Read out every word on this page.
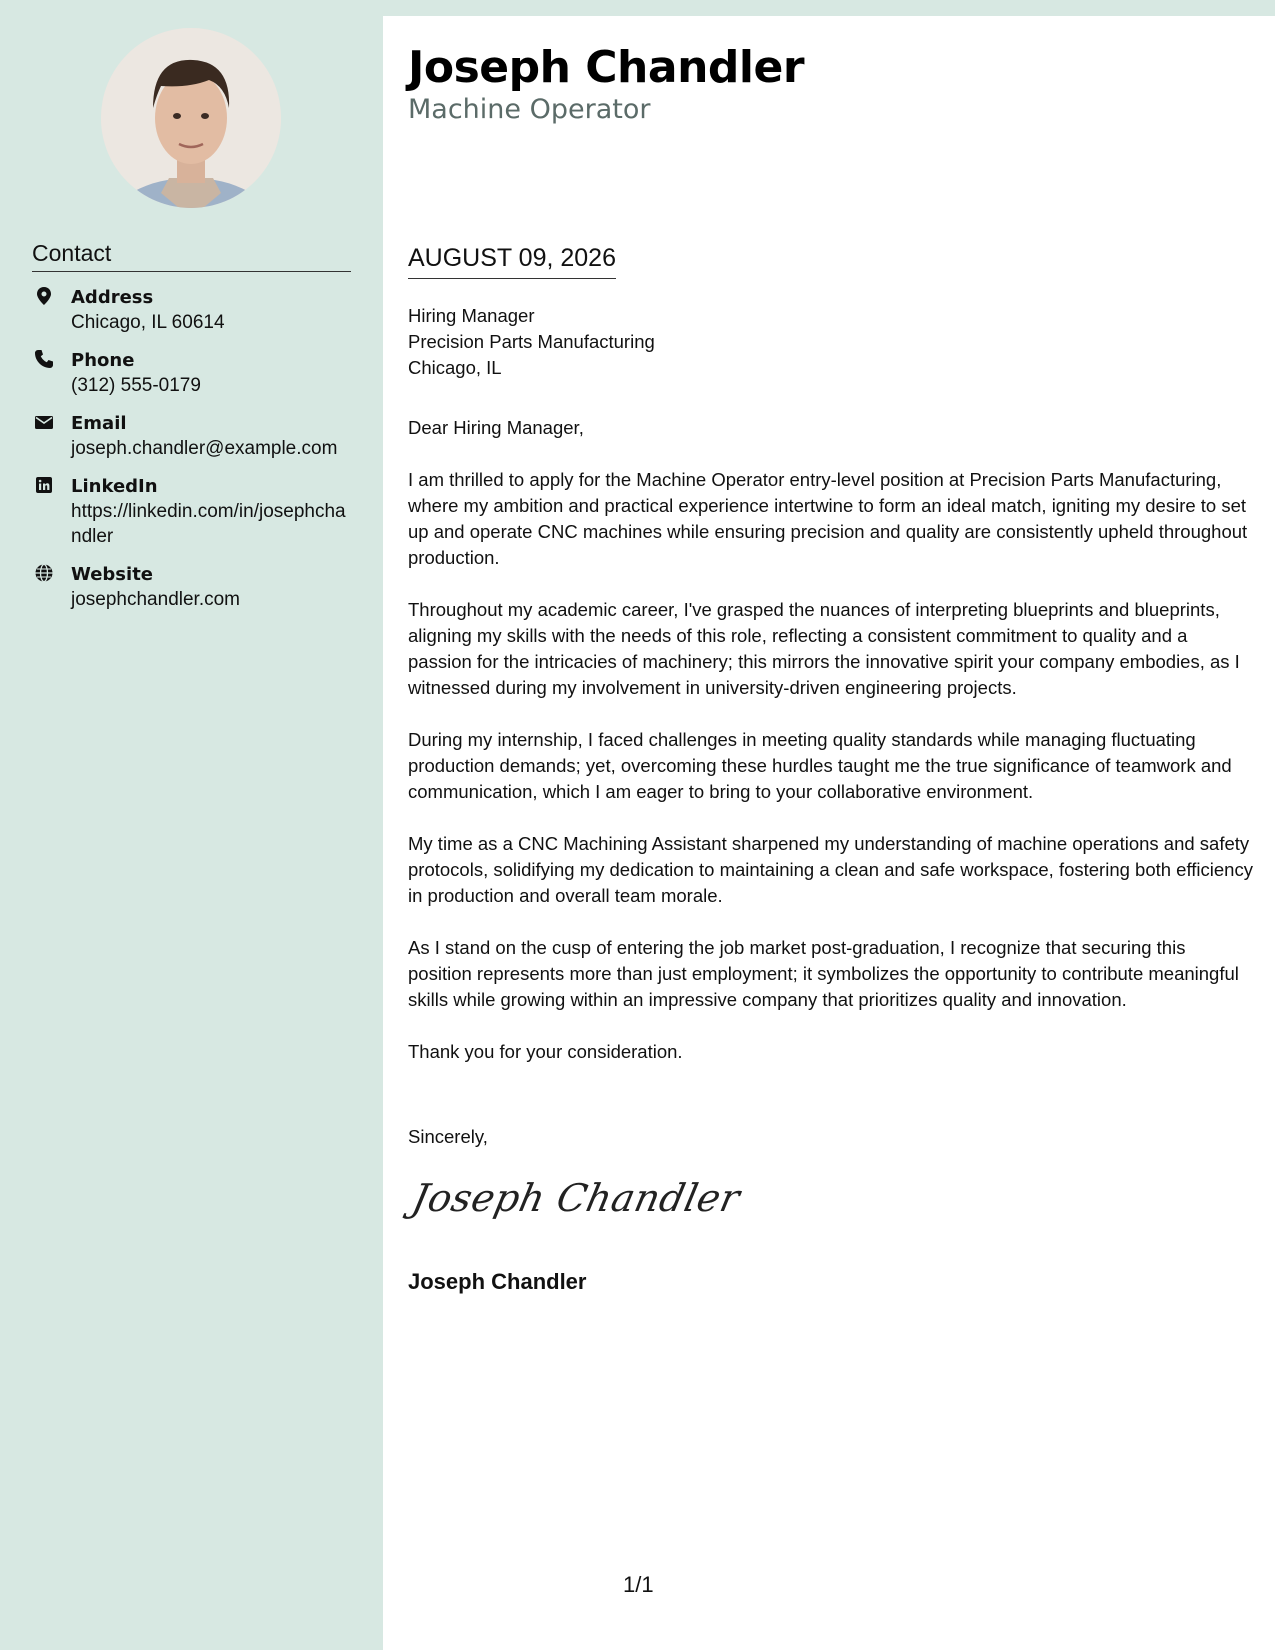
Contact
Address
Chicago, IL 60614
Phone
(312) 555-0179
Email
joseph.chandler@example.com
LinkedIn
https://linkedin.com/in/josephchandler
Website
josephchandler.com
Joseph Chandler
Machine Operator
AUGUST 09, 2026
Hiring Manager
Precision Parts Manufacturing
Chicago, IL

Dear Hiring Manager,

I am thrilled to apply for the Machine Operator entry-level position at Precision Parts Manufacturing, where my ambition and practical experience intertwine to form an ideal match, igniting my desire to set up and operate CNC machines while ensuring precision and quality are consistently upheld throughout production.

Throughout my academic career, I've grasped the nuances of interpreting blueprints and blueprints, aligning my skills with the needs of this role, reflecting a consistent commitment to quality and a passion for the intricacies of machinery; this mirrors the innovative spirit your company embodies, as I witnessed during my involvement in university-driven engineering projects.

During my internship, I faced challenges in meeting quality standards while managing fluctuating production demands; yet, overcoming these hurdles taught me the true significance of teamwork and communication, which I am eager to bring to your collaborative environment.

My time as a CNC Machining Assistant sharpened my understanding of machine operations and safety protocols, solidifying my dedication to maintaining a clean and safe workspace, fostering both efficiency in production and overall team morale.

As I stand on the cusp of entering the job market post-graduation, I recognize that securing this position represents more than just employment; it symbolizes the opportunity to contribute meaningful skills while growing within an impressive company that prioritizes quality and innovation.

Thank you for your consideration.

Sincerely,
Joseph Chandler
Joseph Chandler
1/1
